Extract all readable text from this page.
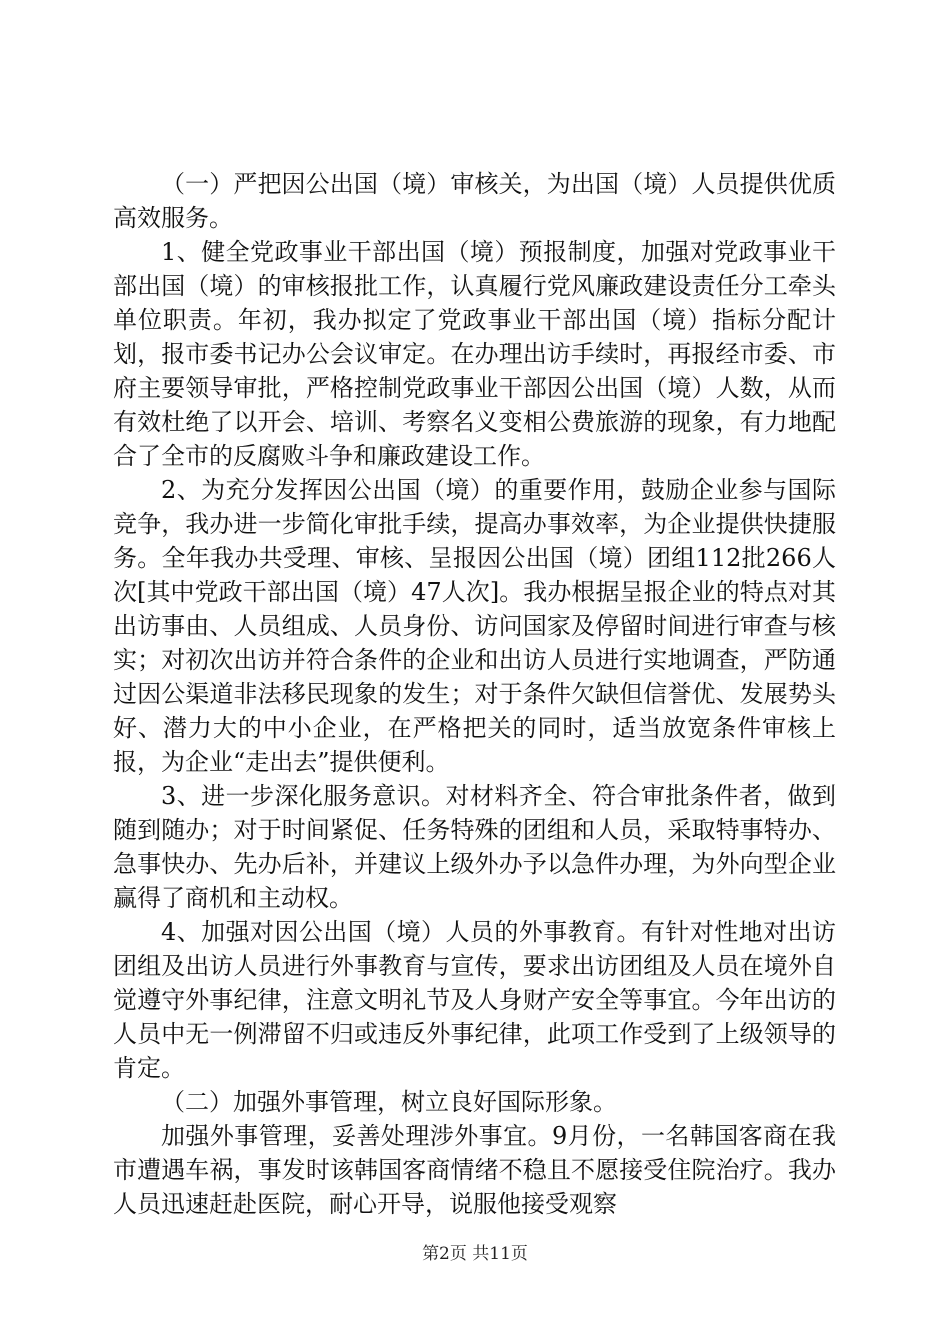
（一）严把因公出国（境）审核关，为出国（境）人员提供优质高效服务。

1、健全党政事业干部出国（境）预报制度，加强对党政事业干部出国（境）的审核报批工作，认真履行党风廉政建设责任分工牵头单位职责。年初，我办拟定了党政事业干部出国（境）指标分配计划，报市委书记办公会议审定。在办理出访手续时，再报经市委、市府主要领导审批，严格控制党政事业干部因公出国（境）人数，从而有效杜绝了以开会、培训、考察名义变相公费旅游的现象，有力地配合了全市的反腐败斗争和廉政建设工作。

2、为充分发挥因公出国（境）的重要作用，鼓励企业参与国际竞争，我办进一步简化审批手续，提高办事效率，为企业提供快捷服务。全年我办共受理、审核、呈报因公出国（境）团组112批266人次[其中党政干部出国（境）47人次]。我办根据呈报企业的特点对其出访事由、人员组成、人员身份、访问国家及停留时间进行审查与核实；对初次出访并符合条件的企业和出访人员进行实地调查，严防通过因公渠道非法移民现象的发生；对于条件欠缺但信誉优、发展势头好、潜力大的中小企业，在严格把关的同时，适当放宽条件审核上报，为企业“走出去”提供便利。

3、进一步深化服务意识。对材料齐全、符合审批条件者，做到随到随办；对于时间紧促、任务特殊的团组和人员，采取特事特办、急事快办、先办后补，并建议上级外办予以急件办理，为外向型企业赢得了商机和主动权。

4、加强对因公出国（境）人员的外事教育。有针对性地对出访团组及出访人员进行外事教育与宣传，要求出访团组及人员在境外自觉遵守外事纪律，注意文明礼节及人身财产安全等事宜。今年出访的人员中无一例滞留不归或违反外事纪律，此项工作受到了上级领导的肯定。

（二）加强外事管理，树立良好国际形象。

加强外事管理，妥善处理涉外事宜。9月份，一名韩国客商在我市遭遇车祸，事发时该韩国客商情绪不稳且不愿接受住院治疗。我办人员迅速赶赴医院，耐心开导，说服他接受观察

第2页 共11页
